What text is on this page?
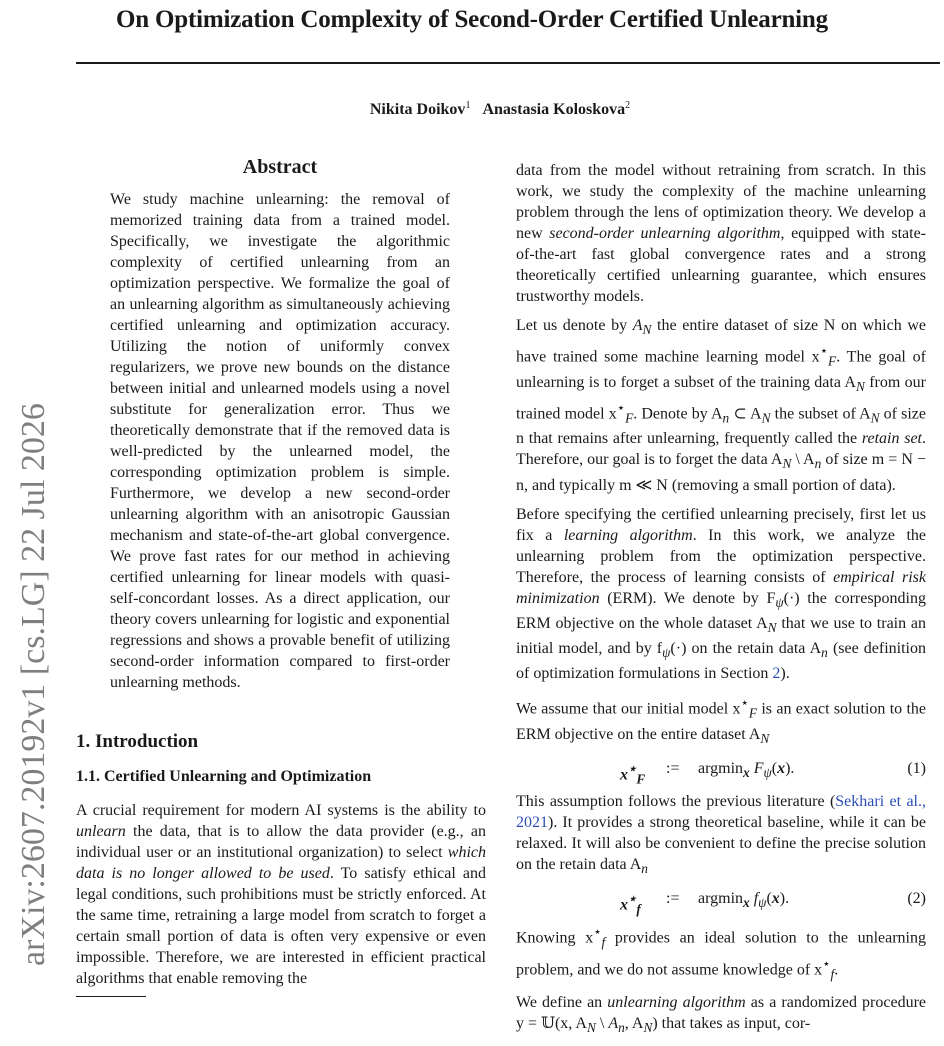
On Optimization Complexity of Second-Order Certified Unlearning
Nikita Doikov$^1$ Anastasia Koloskova$^2$
arXiv:2607.20192v1 [cs.LG] 22 Jul 2026
Abstract
We study machine unlearning: the removal of memorized training data from a trained model. Specifically, we investigate the algorithmic complexity of certified unlearning from an optimization perspective. We formalize the goal of an unlearning algorithm as simultaneously achieving certified unlearning and optimization accuracy. Utilizing the notion of uniformly convex regularizers, we prove new bounds on the distance between initial and unlearned models using a novel substitute for generalization error. Thus we theoretically demonstrate that if the removed data is well-predicted by the unlearned model, the corresponding optimization problem is simple. Furthermore, we develop a new second-order unlearning algorithm with an anisotropic Gaussian mechanism and state-of-the-art global convergence. We prove fast rates for our method in achieving certified unlearning for linear models with quasi-self-concordant losses. As a direct application, our theory covers unlearning for logistic and exponential regressions and shows a provable benefit of utilizing second-order information compared to first-order unlearning methods.
1. Introduction
1.1. Certified Unlearning and Optimization

A crucial requirement for modern AI systems is the ability to unlearn the data, that is to allow the data provider (e.g., an individual user or an institutional organization) to select which data is no longer allowed to be used. To satisfy ethical and legal conditions, such prohibitions must be strictly enforced. At the same time, retraining a large model from scratch to forget a certain small portion of data is often very expensive or even impossible. Therefore, we are interested in efficient practical algorithms that enable removing the

data from the model without retraining from scratch. In this work, we study the complexity of the machine unlearning problem through the lens of optimization theory. We develop a new second-order unlearning algorithm, equipped with state-of-the-art fast global convergence rates and a strong theoretically certified unlearning guarantee, which ensures trustworthy models.

Let us denote by $A_N$ the entire dataset of size N on which we have trained some machine learning model $x^⋆_F$. The goal of unlearning is to forget a subset of the training data $A_N$ from our trained model $x^⋆_F$. Denote by $A_n$ ⊂ $A_N$ the subset of $A_N$ of size n that remains after unlearning, frequently called the retain set. Therefore, our goal is to forget the data $A_N$ \ $A_n$ of size m = N − n, and typically m ≪ N (removing a small portion of data).

Before specifying the certified unlearning precisely, first let us fix a learning algorithm. In this work, we analyze the unlearning problem from the optimization perspective. Therefore, the process of learning consists of empirical risk minimization (ERM). We denote by $F_\psi(\cdot)$ the corresponding ERM objective on the whole dataset $A_N$ that we use to train an initial model, and by $f_\psi(\cdot)$ on the retain data $A_n$ (see definition of optimization formulations in Section 2).

We assume that our initial model $x^⋆_F$ is an exact solution to the ERM objective on the entire dataset $A_N$

$x^⋆_F$
:= argmin$_x$ $F_\psi(x)$.	(1)

This assumption follows the previous literature (Sekhari et al., 2021). It provides a strong theoretical baseline, while it can be relaxed. It will also be convenient to define the precise solution on the retain data $A_n$

$x^⋆_f$
:= argmin$_x$ $f_\psi(x)$.	(2)

Knowing $x^⋆_f$ provides an ideal solution to the unlearning problem, and we do not assume knowledge of $x^⋆_f$.

We define an unlearning algorithm as a randomized procedure y = 𝕌(x, $A_N$ \ $A_n$, $A_N$) that takes as input, cor-
